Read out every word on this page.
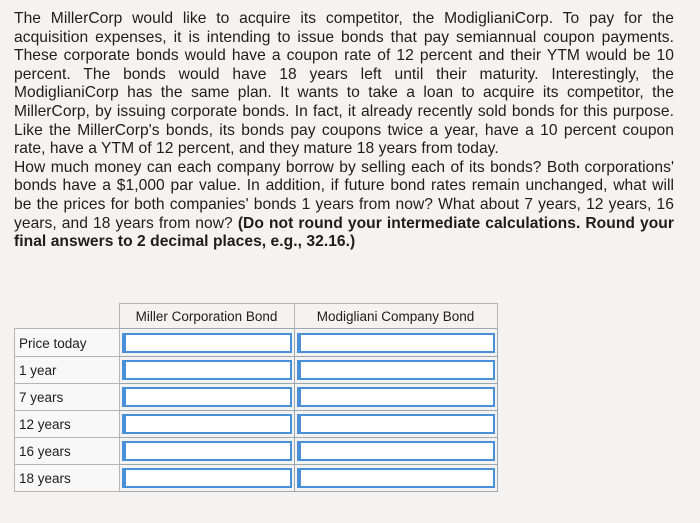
The MillerCorp would like to acquire its competitor, the ModiglianiCorp. To pay for the acquisition expenses, it is intending to issue bonds that pay semiannual coupon payments. These corporate bonds would have a coupon rate of 12 percent and their YTM would be 10 percent. The bonds would have 18 years left until their maturity. Interestingly, the ModiglianiCorp has the same plan. It wants to take a loan to acquire its competitor, the MillerCorp, by issuing corporate bonds. In fact, it already recently sold bonds for this purpose. Like the MillerCorp's bonds, its bonds pay coupons twice a year, have a 10 percent coupon rate, have a YTM of 12 percent, and they mature 18 years from today.

How much money can each company borrow by selling each of its bonds? Both corporations' bonds have a $1,000 par value. In addition, if future bond rates remain unchanged, what will be the prices for both companies' bonds 1 years from now? What about 7 years, 12 years, 16 years, and 18 years from now? (Do not round your intermediate calculations. Round your final answers to 2 decimal places, e.g., 32.16.)

	Miller Corporation Bond	Modigliani Company Bond
Price today		
1 year		
7 years		
12 years		
16 years		
18 years		
